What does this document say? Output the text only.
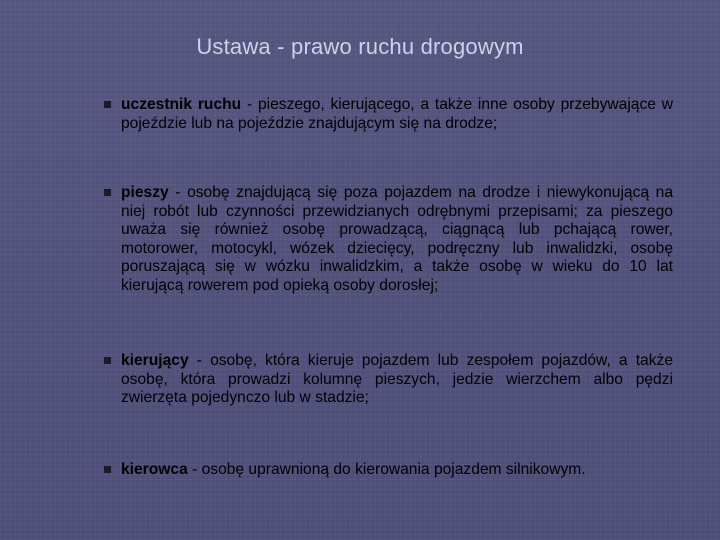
Ustawa - prawo ruchu drogowym
uczestnik ruchu - pieszego, kierującego, a także inne osoby przebywające w pojeździe lub na pojeździe znajdującym się na drodze;
pieszy - osobę znajdującą się poza pojazdem na drodze i niewykonującą na niej robót lub czynności przewidzianych odrębnymi przepisami; za pieszego uważa się również osobę prowadzącą, ciągnącą lub pchającą rower, motorower, motocykl, wózek dziecięcy, podręczny lub inwalidzki, osobę poruszającą się w wózku inwalidzkim, a także osobę w wieku do 10 lat kierującą rowerem pod opieką osoby dorosłej;
kierujący - osobę, która kieruje pojazdem lub zespołem pojazdów, a także osobę, która prowadzi kolumnę pieszych, jedzie wierzchem albo pędzi zwierzęta pojedynczo lub w stadzie;
kierowca - osobę uprawnioną do kierowania pojazdem silnikowym.
